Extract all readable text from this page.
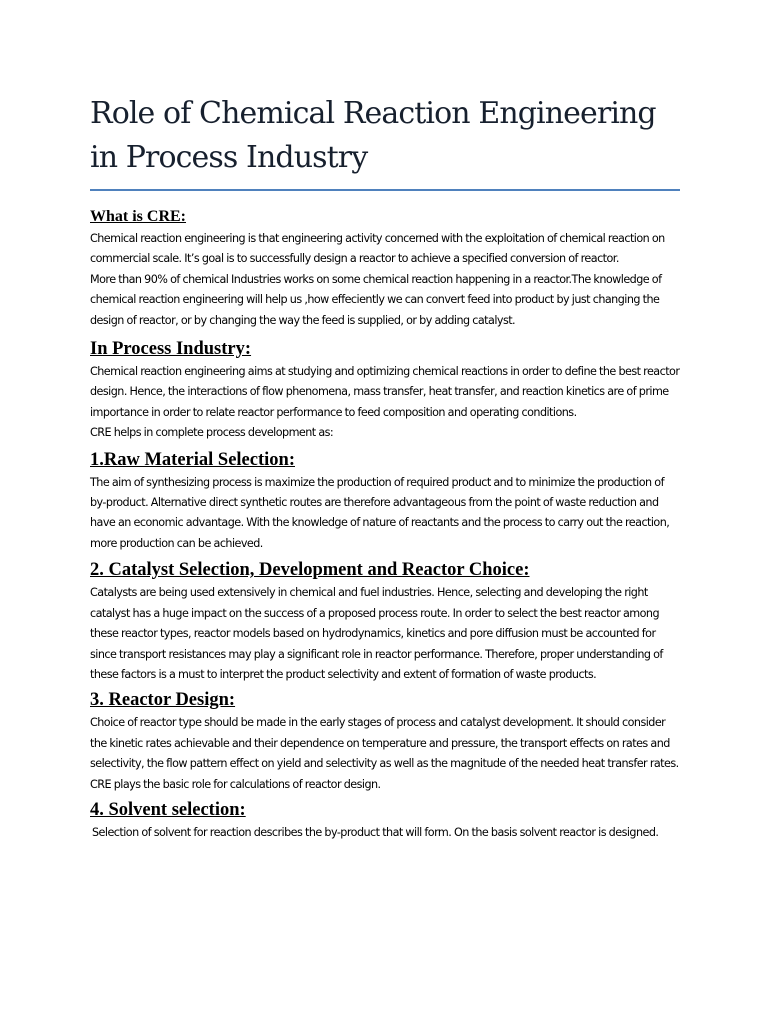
Role of Chemical Reaction Engineering in Process Industry
What is CRE:

Chemical reaction engineering is that engineering activity concerned with the exploitation of chemical reaction on commercial scale. It’s goal is to successfully design a reactor to achieve a specified conversion of reactor.

More than 90% of chemical Industries works on some chemical reaction happening in a reactor.The knowledge of chemical reaction engineering will help us ,how effeciently we can convert feed into product by just changing the design of reactor, or by changing the way the feed is supplied, or by adding catalyst.

In Process Industry:

Chemical reaction engineering aims at studying and optimizing chemical reactions in order to define the best reactor design. Hence, the interactions of flow phenomena, mass transfer, heat transfer, and reaction kinetics are of prime importance in order to relate reactor performance to feed composition and operating conditions.

CRE helps in complete process development as:

1.Raw Material Selection:

The aim of synthesizing process is maximize the production of required product and to minimize the production of by-product. Alternative direct synthetic routes are therefore advantageous from the point of waste reduction and have an economic advantage. With the knowledge of nature of reactants and the process to carry out the reaction, more production can be achieved.

2. Catalyst Selection, Development and Reactor Choice:

Catalysts are being used extensively in chemical and fuel industries. Hence, selecting and developing the right catalyst has a huge impact on the success of a proposed process route. In order to select the best reactor among these reactor types, reactor models based on hydrodynamics, kinetics and pore diffusion must be accounted for since transport resistances may play a significant role in reactor performance. Therefore, proper understanding of these factors is a must to interpret the product selectivity and extent of formation of waste products.

3. Reactor Design:

Choice of reactor type should be made in the early stages of process and catalyst development. It should consider the kinetic rates achievable and their dependence on temperature and pressure, the transport effects on rates and selectivity, the flow pattern effect on yield and selectivity as well as the magnitude of the needed heat transfer rates. CRE plays the basic role for calculations of reactor design.

4. Solvent selection:

Selection of solvent for reaction describes the by-product that will form. On the basis solvent reactor is designed.
